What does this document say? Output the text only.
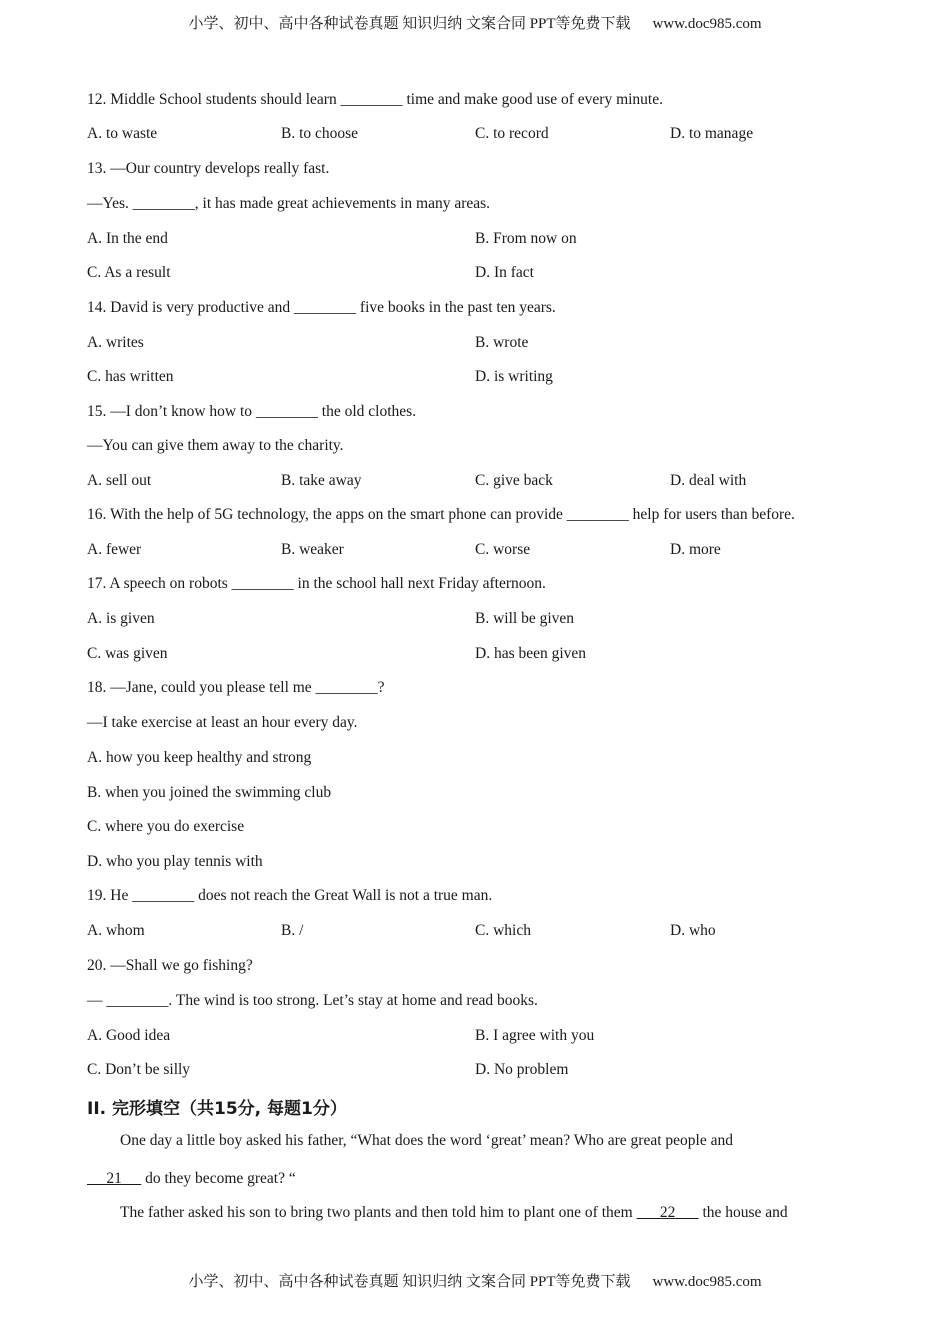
小学、初中、高中各种试卷真题 知识归纳 文案合同 PPT等免费下载 www.doc985.com
12. Middle School students should learn ________ time and make good use of every minute.
A. to waste	B. to choose	C. to record	D. to manage
13. —Our country develops really fast.
—Yes. ________, it has made great achievements in many areas.
A. In the end	B. From now on
C. As a result	D. In fact
14. David is very productive and ________ five books in the past ten years.
A. writes	B. wrote
C. has written	D. is writing
15. —I don’t know how to ________ the old clothes.
—You can give them away to the charity.
A. sell out	B. take away	C. give back	D. deal with
16. With the help of 5G technology, the apps on the smart phone can provide ________ help for users than before.
A. fewer	B. weaker	C. worse	D. more
17. A speech on robots ________ in the school hall next Friday afternoon.
A. is given	B. will be given
C. was given	D. has been given
18. —Jane, could you please tell me ________?
—I take exercise at least an hour every day.
A. how you keep healthy and strong
B. when you joined the swimming club
C. where you do exercise
D. who you play tennis with
19. He ________ does not reach the Great Wall is not a true man.
A. whom	B. /	C. which	D. who
20. —Shall we go fishing?
— ________. The wind is too strong. Let’s stay at home and read books.
A. Good idea	B. I agree with you
C. Don’t be silly	D. No problem
II. 完形填空（共15分, 每题1分）
One day a little boy asked his father, “What does the word ‘great’ mean? Who are great people and
21      do they become great? “
The father asked his son to bring two plants and then told him to plant one of them       22       the house and
小学、初中、高中各种试卷真题 知识归纳 文案合同 PPT等免费下载 www.doc985.com
